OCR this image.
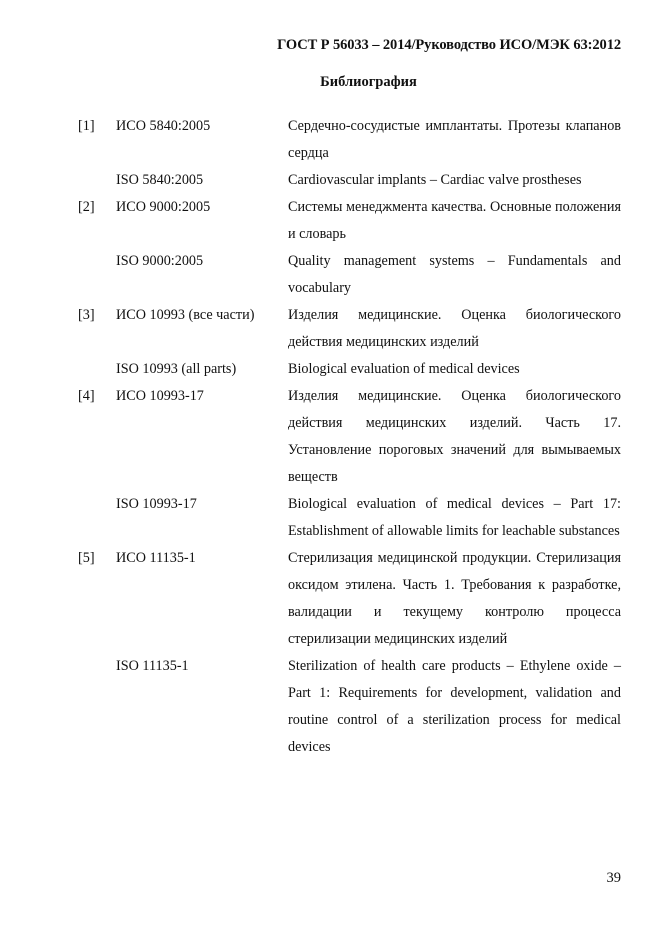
ГОСТ Р 56033 – 2014/Руководство ИСО/МЭК 63:2012
Библиография
[1]	ИСО 5840:2005	Сердечно-сосудистые имплантаты. Протезы клапанов сердца
ISO 5840:2005	Cardiovascular implants – Cardiac valve prostheses
[2]	ИСО 9000:2005	Системы менеджмента качества. Основные положения и словарь
ISO 9000:2005	Quality management systems – Fundamentals and vocabulary
[3]	ИСО 10993 (все части)	Изделия медицинские. Оценка биологического действия медицинских изделий
ISO 10993 (all parts)	Biological evaluation of medical devices
[4]	ИСО 10993-17	Изделия медицинские. Оценка биологического действия медицинских изделий. Часть 17. Установление пороговых значений для вымываемых веществ
ISO 10993-17	Biological evaluation of medical devices – Part 17: Establishment of allowable limits for leachable substances
[5]	ИСО 11135-1	Стерилизация медицинской продукции. Стерилизация оксидом этилена. Часть 1. Требования к разработке, валидации и текущему контролю процесса стерилизации медицинских изделий
ISO 11135-1	Sterilization of health care products – Ethylene oxide – Part 1: Requirements for development, validation and routine control of a sterilization process for medical devices
39
